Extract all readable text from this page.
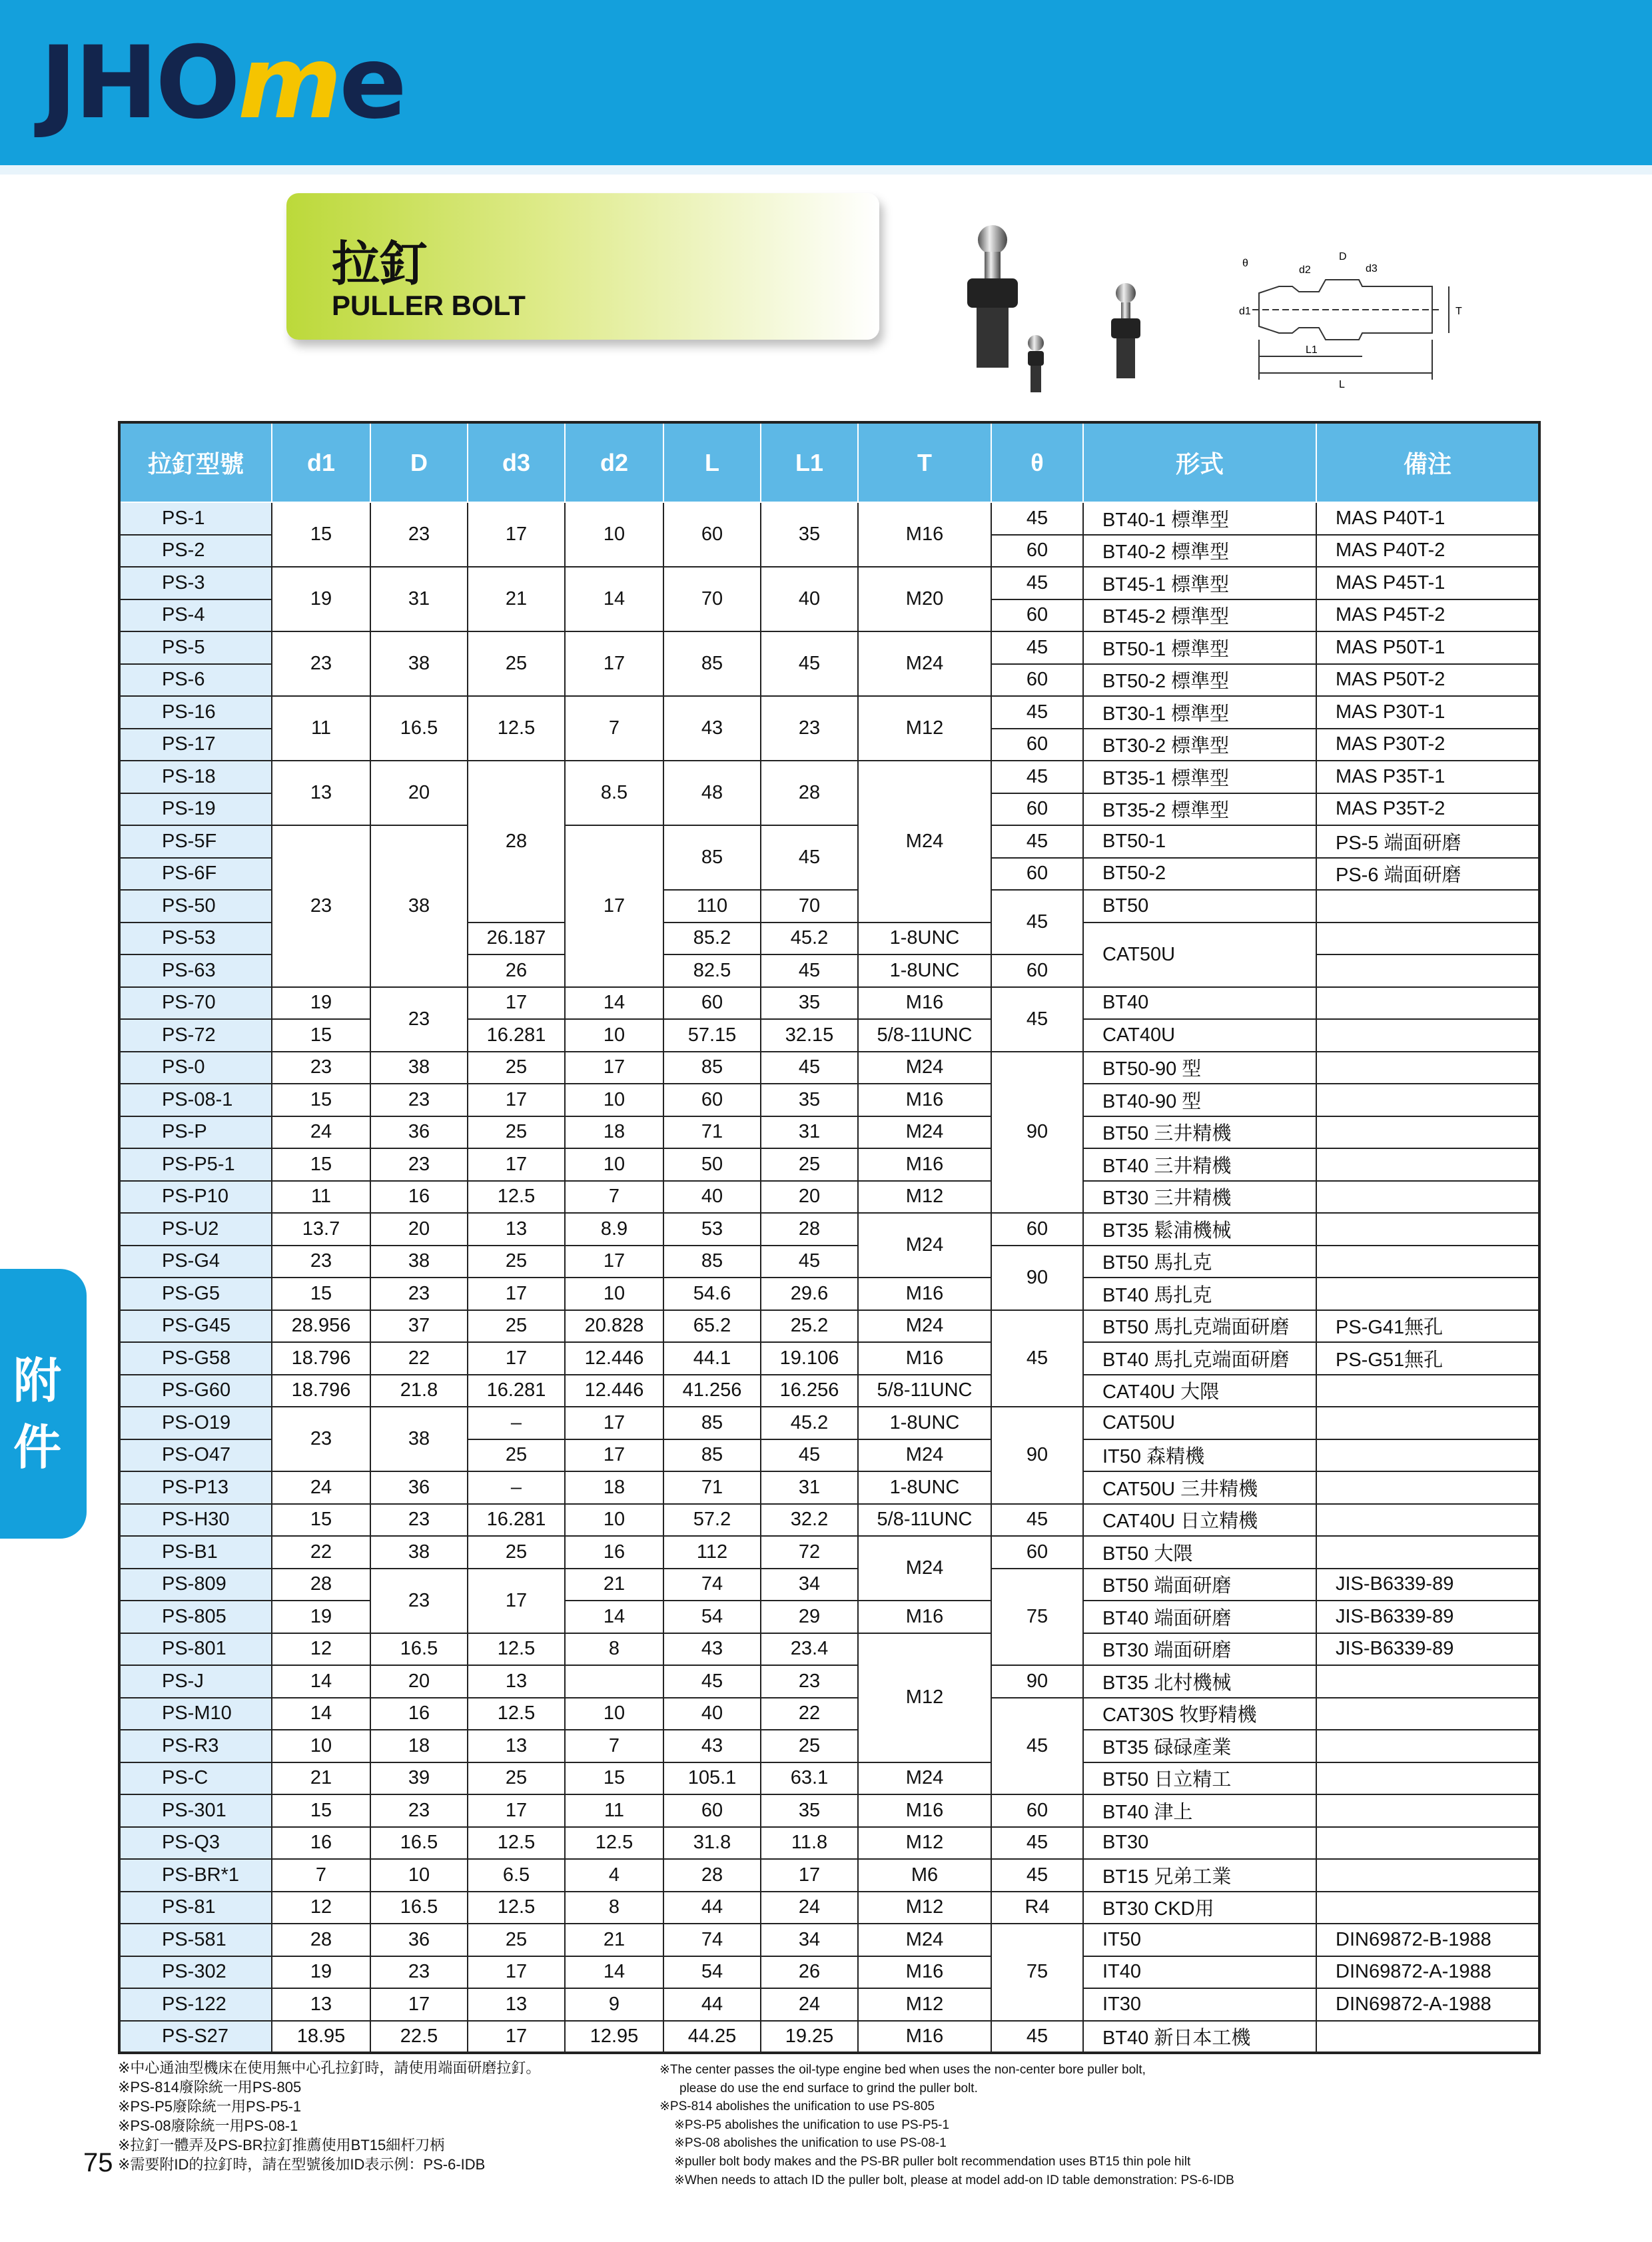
JHOme
拉釘
PULLER BOLT
θ
d2
D
d3
d1	T
L1
L
附
件
拉釘型號	d1	D	d3	d2	L	L1	T	θ	形式	備注
PS-1	15	23	17	10	60	35	M16	45	BT40-1 標準型	MAS P40T-1
PS-2								60	BT40-2 標準型	MAS P40T-2
PS-3	19	31	21	14	70	40	M20	45	BT45-1 標準型	MAS P45T-1
PS-4								60	BT45-2 標準型	MAS P45T-2
PS-5	23	38	25	17	85	45	M24	45	BT50-1 標準型	MAS P50T-1
PS-6								60	BT50-2 標準型	MAS P50T-2
PS-16	11	16.5	12.5	7	43	23	M12	45	BT30-1 標準型	MAS P30T-1
PS-17								60	BT30-2 標準型	MAS P30T-2
PS-18	13	20	28	8.5	48	28	M24	45	BT35-1 標準型	MAS P35T-1
PS-19								60	BT35-2 標準型	MAS P35T-2
PS-5F	23	38		17	85	45		45	BT50-1	PS-5 端面研磨
PS-6F								60	BT50-2	PS-6 端面研磨
PS-50					110	70		45	BT50	
PS-53			26.187		85.2	45.2	1-8UNC		CAT50U	
PS-63			26		82.5	45	1-8UNC	60		
PS-70	19	23	17	14	60	35	M16	45	BT40	
PS-72	15		16.281	10	57.15	32.15	5/8-11UNC		CAT40U	
PS-0	23	38	25	17	85	45	M24	90	BT50-90 型	
PS-08-1	15	23	17	10	60	35	M16		BT40-90 型	
PS-P	24	36	25	18	71	31	M24		BT50 三井精機	
PS-P5-1	15	23	17	10	50	25	M16		BT40 三井精機	
PS-P10	11	16	12.5	7	40	20	M12		BT30 三井精機	
PS-U2	13.7	20	13	8.9	53	28	M24	60	BT35 鬆浦機械	
PS-G4	23	38	25	17	85	45		90	BT50 馬扎克	
PS-G5	15	23	17	10	54.6	29.6	M16		BT40 馬扎克	
PS-G45	28.956	37	25	20.828	65.2	25.2	M24	45	BT50 馬扎克端面研磨	PS-G41無孔
PS-G58	18.796	22	17	12.446	44.1	19.106	M16		BT40 馬扎克端面研磨	PS-G51無孔
PS-G60	18.796	21.8	16.281	12.446	41.256	16.256	5/8-11UNC		CAT40U 大隈	
PS-O19	23	38	–	17	85	45.2	1-8UNC	90	CAT50U	
PS-O47			25	17	85	45	M24		IT50 森精機	
PS-P13	24	36	–	18	71	31	1-8UNC		CAT50U 三井精機	
PS-H30	15	23	16.281	10	57.2	32.2	5/8-11UNC	45	CAT40U 日立精機	
PS-B1	22	38	25	16	112	72	M24	60	BT50 大隈	
PS-809	28	23	17	21	74	34		75	BT50 端面研磨	JIS-B6339-89
PS-805	19			14	54	29	M16		BT40 端面研磨	JIS-B6339-89
PS-801	12	16.5	12.5	8	43	23.4	M12		BT30 端面研磨	JIS-B6339-89
PS-J	14	20	13		45	23		90	BT35 北村機械	
PS-M10	14	16	12.5	10	40	22		45	CAT30S 牧野精機	
PS-R3	10	18	13	7	43	25			BT35 碌碌產業	
PS-C	21	39	25	15	105.1	63.1	M24		BT50 日立精工	
PS-301	15	23	17	11	60	35	M16	60	BT40 津上	
PS-Q3	16	16.5	12.5	12.5	31.8	11.8	M12	45	BT30	
PS-BR*1	7	10	6.5	4	28	17	M6	45	BT15 兄弟工業	
PS-81	12	16.5	12.5	8	44	24	M12	R4	BT30 CKD用	
PS-581	28	36	25	21	74	34	M24	75	IT50	DIN69872-B-1988
PS-302	19	23	17	14	54	26	M16		IT40	DIN69872-A-1988
PS-122	13	17	13	9	44	24	M12		IT30	DIN69872-A-1988
PS-S27	18.95	22.5	17	12.95	44.25	19.25	M16	45	BT40 新日本工機	
※中心通油型機床在使用無中心孔拉釘時，請使用端面研磨拉釘。
※PS-814廢除統一用PS-805
※PS-P5廢除統一用PS-P5-1
※PS-08廢除統一用PS-08-1
※拉釘一體弄及PS-BR拉釘推薦使用BT15細杆刀柄
※需要附ID的拉釘時，請在型號後加ID表示例：PS-6-IDB
※The center passes the oil-type engine bed when uses the non-center bore puller bolt,
please do use the end surface to grind the puller bolt.
※PS-814 abolishes the unification to use PS-805
※PS-P5 abolishes the unification to use PS-P5-1
※PS-08 abolishes the unification to use PS-08-1
※puller bolt body makes and the PS-BR puller bolt recommendation uses BT15 thin pole hilt
※When needs to attach ID the puller bolt, please at model add-on ID table demonstration: PS-6-IDB
75
